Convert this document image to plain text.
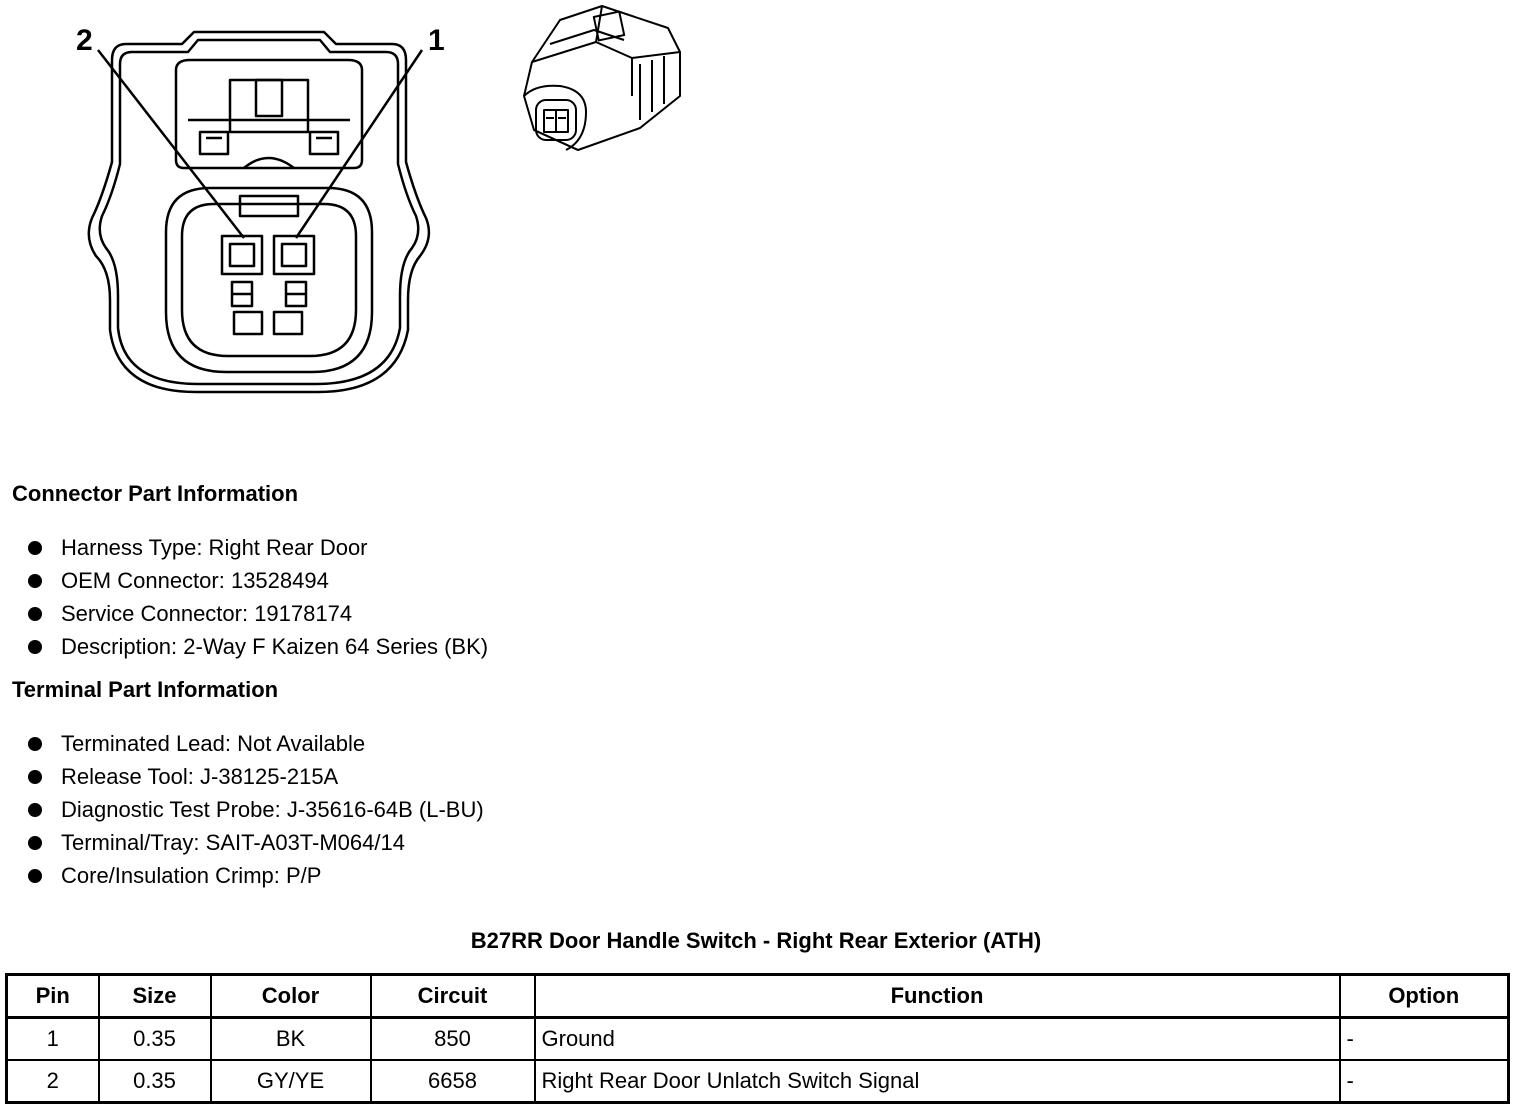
2	1
Connector Part Information
Harness Type: Right Rear Door
OEM Connector: 13528494
Service Connector: 19178174
Description: 2-Way F Kaizen 64 Series (BK)
Terminal Part Information
Terminated Lead: Not Available
Release Tool: J-38125-215A
Diagnostic Test Probe: J-35616-64B (L-BU)
Terminal/Tray: SAIT-A03T-M064/14
Core/Insulation Crimp: P/P
B27RR Door Handle Switch - Right Rear Exterior (ATH)
Pin	Size	Color	Circuit	Function	Option
1	0.35	BK	850	Ground	-
2	0.35	GY/YE	6658	Right Rear Door Unlatch Switch Signal	-
